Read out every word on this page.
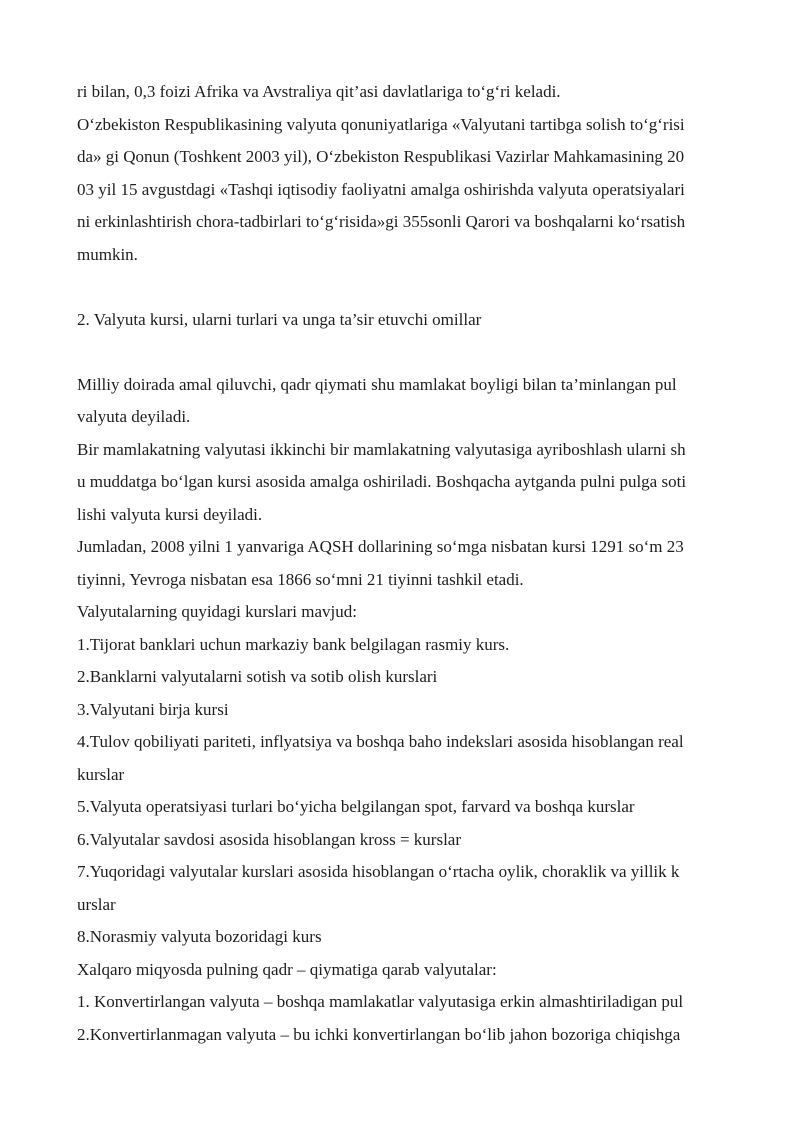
ri bilan, 0,3 foizi Afrika va Avstraliya qit’asi davlatlariga to‘g‘ri keladi.
O‘zbekiston Respublikasining valyuta qonuniyatlariga «Valyutani tartibga solish to‘g‘risi
da» gi Qonun (Toshkent 2003 yil), O‘zbekiston Respublikasi Vazirlar Mahkamasining 20
03 yil 15 avgustdagi «Tashqi iqtisodiy faoliyatni amalga oshirishda valyuta operatsiyalari
ni erkinlashtirish chora-tadbirlari to‘g‘risida»gi 355sonli Qarori va boshqalarni ko‘rsatish
mumkin.
2. Valyuta kursi, ularni turlari va unga ta’sir etuvchi omillar
Milliy doirada amal qiluvchi, qadr qiymati shu mamlakat boyligi bilan ta’minlangan pul
valyuta deyiladi.
Bir mamlakatning valyutasi ikkinchi bir mamlakatning valyutasiga ayriboshlash ularni sh
u muddatga bo‘lgan kursi asosida amalga oshiriladi. Boshqacha aytganda pulni pulga soti
lishi valyuta kursi deyiladi.
Jumladan, 2008 yilni 1 yanvariga AQSH dollarining so‘mga nisbatan kursi 1291 so‘m 23
tiyinni, Yevroga nisbatan esa 1866 so‘mni 21 tiyinni tashkil etadi.
Valyutalarning quyidagi kurslari mavjud:
1.Tijorat banklari uchun markaziy bank belgilagan rasmiy kurs.
2.Banklarni valyutalarni sotish va sotib olish kurslari
3.Valyutani birja kursi
4.Tulov qobiliyati pariteti, inflyatsiya va boshqa baho indekslari asosida hisoblangan real
kurslar
5.Valyuta operatsiyasi turlari bo‘yicha belgilangan spot, farvard va boshqa kurslar
6.Valyutalar savdosi asosida hisoblangan kross = kurslar
7.Yuqoridagi valyutalar kurslari asosida hisoblangan o‘rtacha oylik, choraklik va yillik k
urslar
8.Norasmiy valyuta bozoridagi kurs
Xalqaro miqyosda pulning qadr – qiymatiga qarab valyutalar:
1. Konvertirlangan valyuta – boshqa mamlakatlar valyutasiga erkin almashtiriladigan pul
2.Konvertirlanmagan valyuta – bu ichki konvertirlangan bo‘lib jahon bozoriga chiqishga
